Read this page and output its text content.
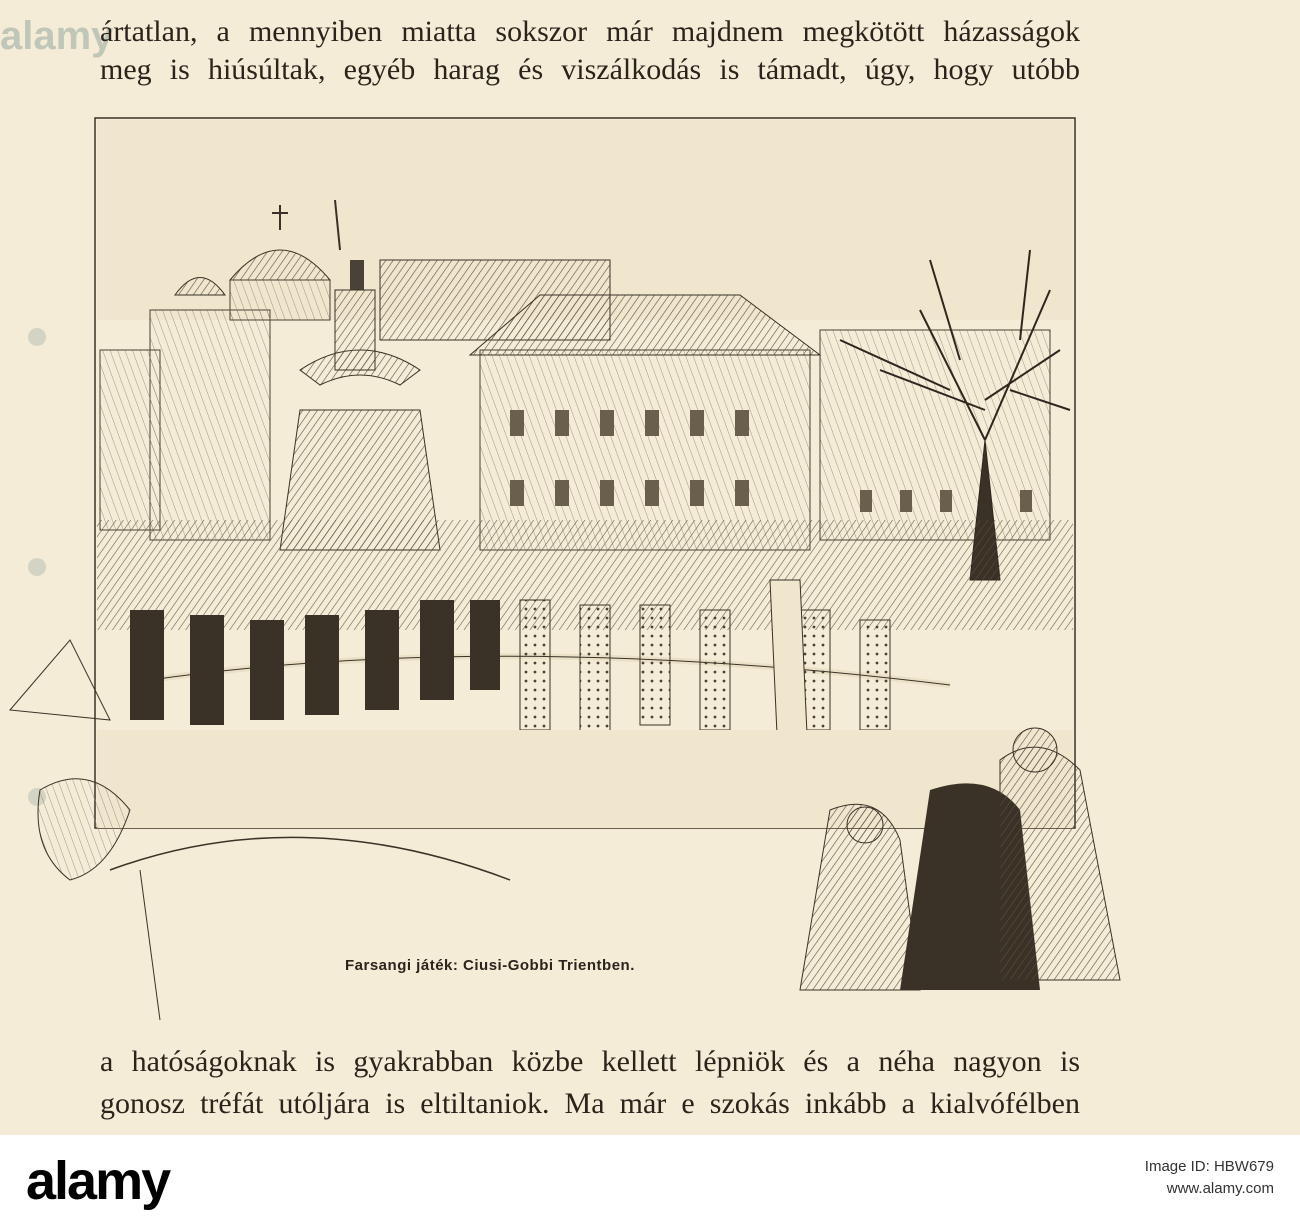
alamy
ártatlan, a mennyiben miatta sokszor már majdnem megkötött házasságok
meg is hiúsúltak, egyéb harag és viszálkodás is támadt, úgy, hogy utóbb
Farsangi játék: Ciusi-Gobbi Trientben.
a hatóságoknak is gyakrabban közbe kellett lépniök és a néha nagyon is
gonosz tréfát utóljára is eltiltaniok. Ma már e szokás inkább a kialvófélben
alamy	Image ID: HBW679
www.alamy.com
